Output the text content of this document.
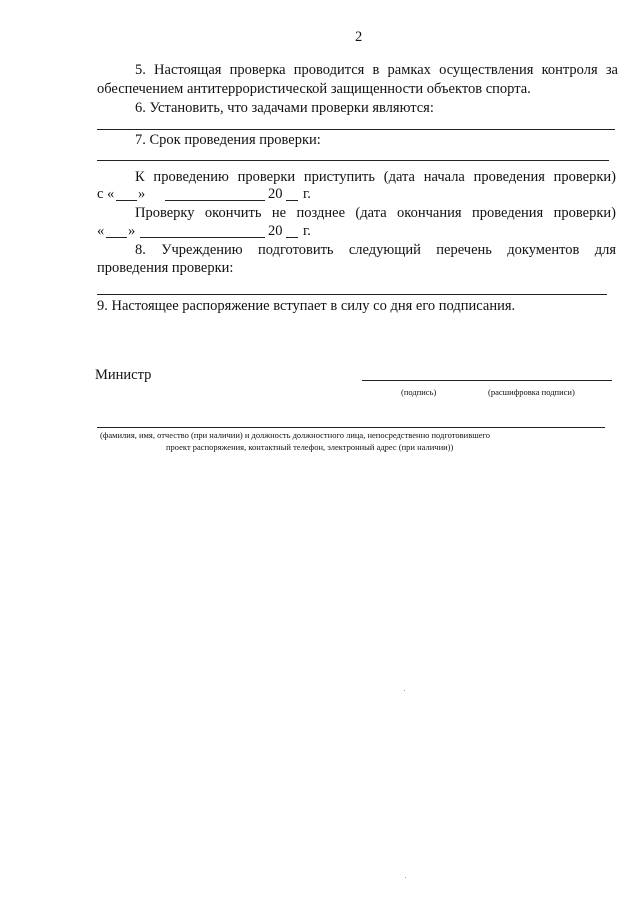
2
5. Настоящая проверка проводится в рамках осуществления контроля за
обеспечением антитеррористической защищенности объектов спорта.
6. Установить, что задачами проверки являются:
7. Срок проведения проверки:
К проведению проверки приступить (дата начала проведения проверки)
с « »	20 г.
Проверку окончить не позднее (дата окончания проведения проверки)
« »	20 г.
8. Учреждению подготовить следующий перечень документов для
проведения проверки:
9. Настоящее распоряжение вступает в силу со дня его подписания.
Министр
(подпись)	(расшифровка подписи)
(фамилия, имя, отчество (при наличии) и должность должностного лица, непосредственно подготовившего
проект распоряжения, контактный телефон, электронный адрес (при наличии))
